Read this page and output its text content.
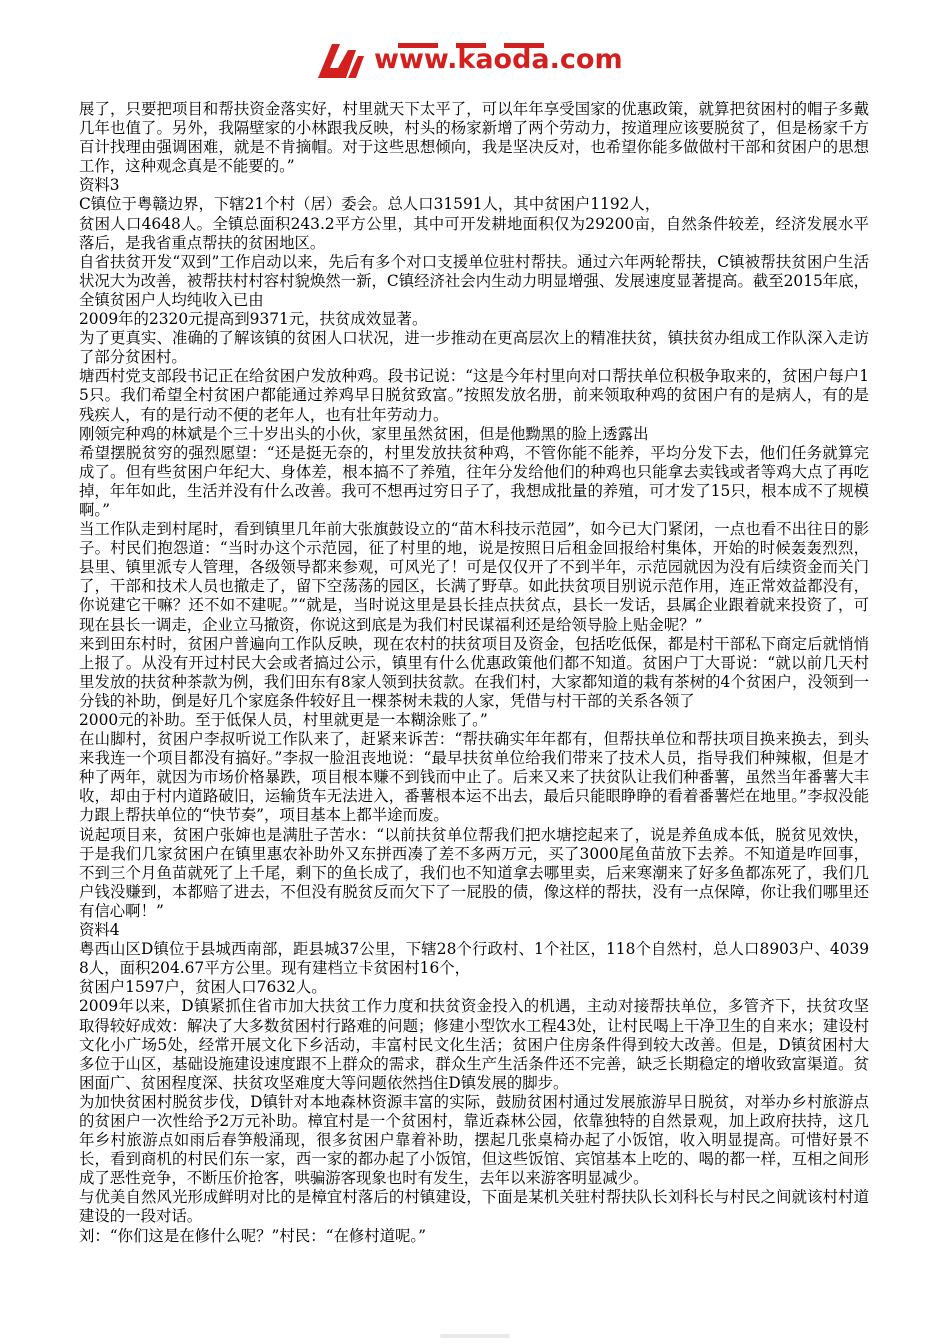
www.kaoda.com

展了，只要把项目和帮扶资金落实好，村里就天下太平了，可以年年享受国家的优惠政策，就算把贫困村的帽子多戴几年也值了。另外，我隔壁家的小林跟我反映，村头的杨家新增了两个劳动力，按道理应该要脱贫了，但是杨家千方百计找理由强调困难，就是不肯摘帽。对于这些思想倾向，我是坚决反对，也希望你能多做做村干部和贫困户的思想工作，这种观念真是不能要的。”

资料3

C镇位于粤赣边界，下辖21个村（居）委会。总人口31591人，其中贫困户1192人，

贫困人口4648人。全镇总面积243.2平方公里，其中可开发耕地面积仅为29200亩，自然条件较差，经济发展水平落后，是我省重点帮扶的贫困地区。

自省扶贫开发“双到”工作启动以来，先后有多个对口支援单位驻村帮扶。通过六年两轮帮扶，C镇被帮扶贫困户生活状况大为改善，被帮扶村村容村貌焕然一新，C镇经济社会内生动力明显增强、发展速度显著提高。截至2015年底，全镇贫困户人均纯收入已由

2009年的2320元提高到9371元，扶贫成效显著。

为了更真实、准确的了解该镇的贫困人口状况，进一步推动在更高层次上的精准扶贫，镇扶贫办组成工作队深入走访了部分贫困村。

塘西村党支部段书记正在给贫困户发放种鸡。段书记说：“这是今年村里向对口帮扶单位积极争取来的，贫困户每户15只。我们希望全村贫困户都能通过养鸡早日脱贫致富。”按照发放名册，前来领取种鸡的贫困户有的是病人，有的是残疾人，有的是行动不便的老年人，也有壮年劳动力。

刚领完种鸡的林斌是个三十岁出头的小伙，家里虽然贫困，但是他黝黑的脸上透露出

希望摆脱贫穷的强烈愿望：“还是挺无奈的，村里发放扶贫种鸡，不管你能不能养，平均分发下去，他们任务就算完成了。但有些贫困户年纪大、身体差，根本搞不了养殖，往年分发给他们的种鸡也只能拿去卖钱或者等鸡大点了再吃掉，年年如此，生活并没有什么改善。我可不想再过穷日子了，我想成批量的养殖，可才发了15只，根本成不了规模啊。”

当工作队走到村尾时，看到镇里几年前大张旗鼓设立的“苗木科技示范园”，如今已大门紧闭，一点也看不出往日的影子。村民们抱怨道：“当时办这个示范园，征了村里的地，说是按照日后租金回报给村集体，开始的时候轰轰烈烈，县里、镇里派专人管理，各级领导都来参观，可风光了！可是仅仅开了不到半年，示范园就因为没有后续资金而关门了，干部和技术人员也撤走了，留下空荡荡的园区，长满了野草。如此扶贫项目别说示范作用，连正常效益都没有，你说建它干嘛？还不如不建呢。”“就是，当时说这里是县长挂点扶贫点，县长一发话，县属企业跟着就来投资了，可现在县长一调走，企业立马撤资，你说这到底是为我们村民谋福利还是给领导脸上贴金呢？”

来到田东村时，贫困户普遍向工作队反映，现在农村的扶贫项目及资金，包括吃低保，都是村干部私下商定后就悄悄上报了。从没有开过村民大会或者搞过公示，镇里有什么优惠政策他们都不知道。贫困户丁大哥说：“就以前几天村里发放的扶贫种茶款为例，我们田东有8家人领到扶贫款。在我们村，大家都知道的栽有茶树的4个贫困户，没领到一分钱的补助，倒是好几个家庭条件较好且一棵茶树未栽的人家，凭借与村干部的关系各领了

2000元的补助。至于低保人员，村里就更是一本糊涂账了。”

在山脚村，贫困户李叔听说工作队来了，赶紧来诉苦：“帮扶确实年年都有，但帮扶单位和帮扶项目换来换去，到头来我连一个项目都没有搞好。”李叔一脸沮丧地说：“最早扶贫单位给我们带来了技术人员，指导我们种辣椒，但是才种了两年，就因为市场价格暴跌，项目根本赚不到钱而中止了。后来又来了扶贫队让我们种番薯，虽然当年番薯大丰收，却由于村内道路破旧，运输货车无法进入，番薯根本运不出去，最后只能眼睁睁的看着番薯烂在地里。”李叔没能力跟上帮扶单位的“快节奏”，项目基本上都半途而废。

说起项目来，贫困户张婶也是满肚子苦水：“以前扶贫单位帮我们把水塘挖起来了，说是养鱼成本低，脱贫见效快，于是我们几家贫困户在镇里惠农补助外又东拼西凑了差不多两万元，买了3000尾鱼苗放下去养。不知道是咋回事，不到三个月鱼苗就死了上千尾，剩下的鱼长成了，我们也不知道拿去哪里卖，后来寒潮来了好多鱼都冻死了，我们几户钱没赚到，本都赔了进去，不但没有脱贫反而欠下了一屁股的债，像这样的帮扶，没有一点保障，你让我们哪里还有信心啊！”

资料4

粤西山区D镇位于县城西南部，距县城37公里，下辖28个行政村、1个社区，118个自然村，总人口8903户、40398人，面积204.67平方公里。现有建档立卡贫困村16个，

贫困户1597户，贫困人口7632人。

2009年以来，D镇紧抓住省市加大扶贫工作力度和扶贫资金投入的机遇，主动对接帮扶单位，多管齐下，扶贫攻坚取得较好成效：解决了大多数贫困村行路难的问题；修建小型饮水工程43处，让村民喝上干净卫生的自来水；建设村文化小广场5处，经常开展文化下乡活动，丰富村民文化生活；贫困户住房条件得到较大改善。但是，D镇贫困村大多位于山区，基础设施建设速度跟不上群众的需求，群众生产生活条件还不完善，缺乏长期稳定的增收致富渠道。贫困面广、贫困程度深、扶贫攻坚难度大等问题依然挡住D镇发展的脚步。

为加快贫困村脱贫步伐，D镇针对本地森林资源丰富的实际，鼓励贫困村通过发展旅游早日脱贫，对举办乡村旅游点的贫困户一次性给予2万元补助。樟宜村是一个贫困村，靠近森林公园，依靠独特的自然景观，加上政府扶持，这几年乡村旅游点如雨后春笋般涌现，很多贫困户靠着补助，摆起几张桌椅办起了小饭馆，收入明显提高。可惜好景不长，看到商机的村民们东一家，西一家的都办起了小饭馆，但这些饭馆、宾馆基本上吃的、喝的都一样，互相之间形成了恶性竞争，不断压价抢客，哄骗游客现象也时有发生，去年以来游客明显减少。

与优美自然风光形成鲜明对比的是樟宜村落后的村镇建设，下面是某机关驻村帮扶队长刘科长与村民之间就该村村道建设的一段对话。

刘：“你们这是在修什么呢？”村民：“在修村道呢。”
